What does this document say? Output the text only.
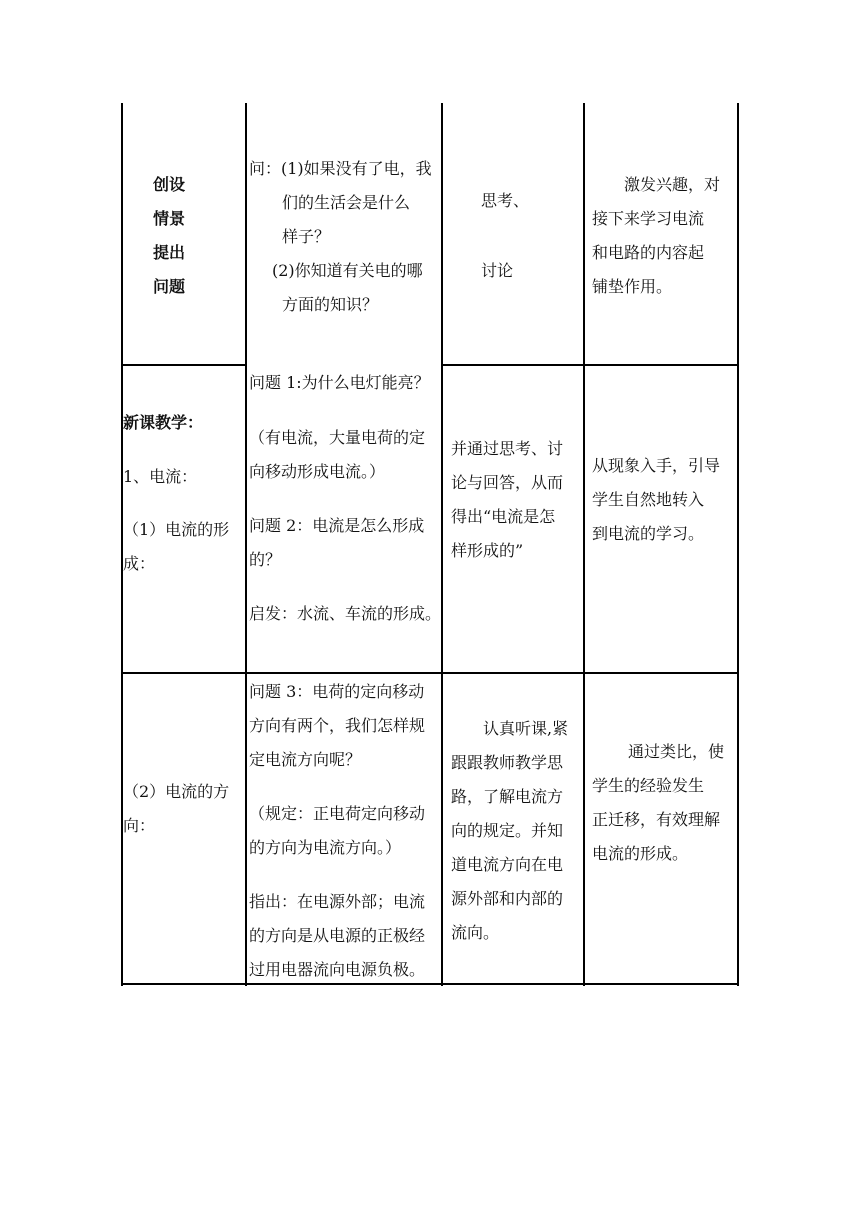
创设
情景
提出
问题
问：(1)如果没有了电，我
们的生活会是什么
样子？
(2)你知道有关电的哪
方面的知识？
思考、
讨论
激发兴趣，对
接下来学习电流
和电路的内容起
铺垫作用。
新课教学：
1、电流：
（1）电流的形
成：
问题 1:为什么电灯能亮？
（有电流，大量电荷的定
向移动形成电流。）
问题 2：电流是怎么形成
的？
启发：水流、车流的形成。
并通过思考、讨
论与回答，从而
得出“电流是怎
样形成的”
从现象入手，引导
学生自然地转入
到电流的学习。
（2）电流的方
向：
问题 3：电荷的定向移动
方向有两个，我们怎样规
定电流方向呢？
（规定：正电荷定向移动
的方向为电流方向。）
指出：在电源外部；电流
的方向是从电源的正极经
过用电器流向电源负极。
认真听课,紧
跟跟教师教学思
路，了解电流方
向的规定。并知
道电流方向在电
源外部和内部的
流向。
通过类比，使
学生的经验发生
正迁移，有效理解
电流的形成。
